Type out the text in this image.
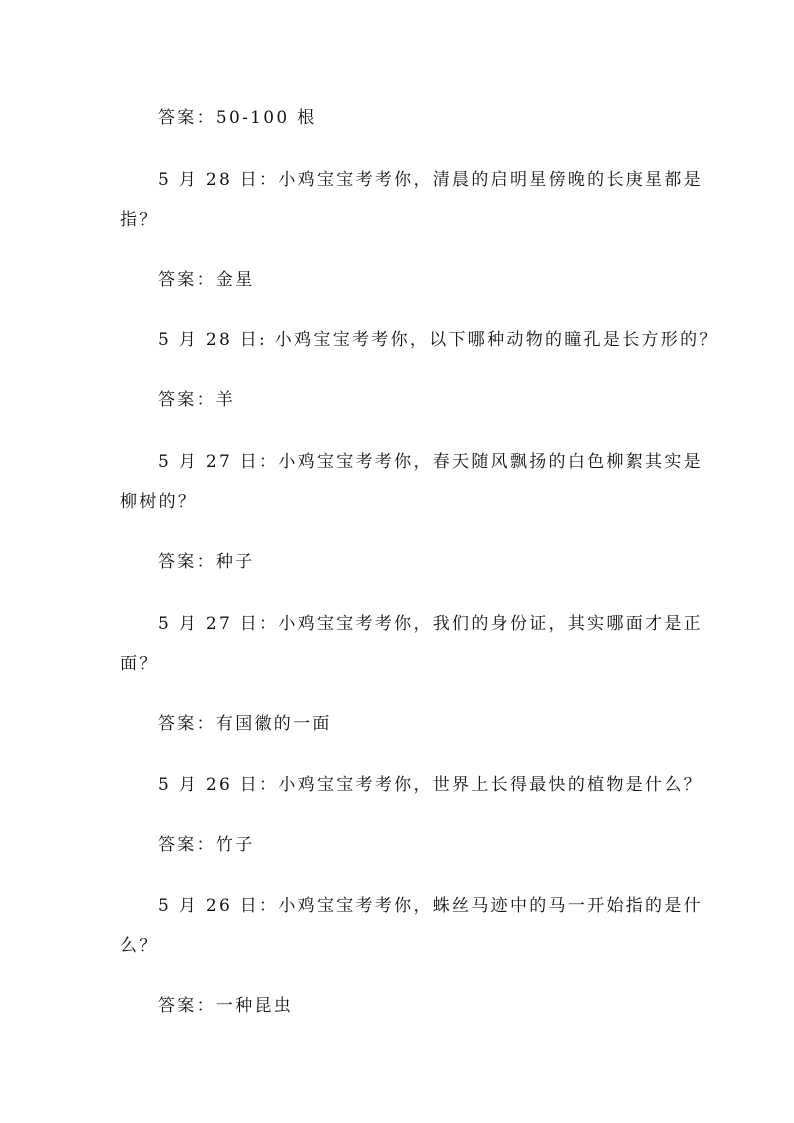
答案：50-100 根
5 月 28 日：小鸡宝宝考考你，清晨的启明星傍晚的长庚星都是
指？
答案：金星
5 月 28 日: 小鸡宝宝考考你，以下哪种动物的瞳孔是长方形的？
答案：羊
5 月 27 日：小鸡宝宝考考你，春天随风飘扬的白色柳絮其实是
柳树的？
答案：种子
5 月 27 日：小鸡宝宝考考你，我们的身份证，其实哪面才是正
面？
答案：有国徽的一面
5 月 26 日：小鸡宝宝考考你，世界上长得最快的植物是什么？
答案：竹子
5 月 26 日：小鸡宝宝考考你，蛛丝马迹中的马一开始指的是什
么？
答案：一种昆虫
